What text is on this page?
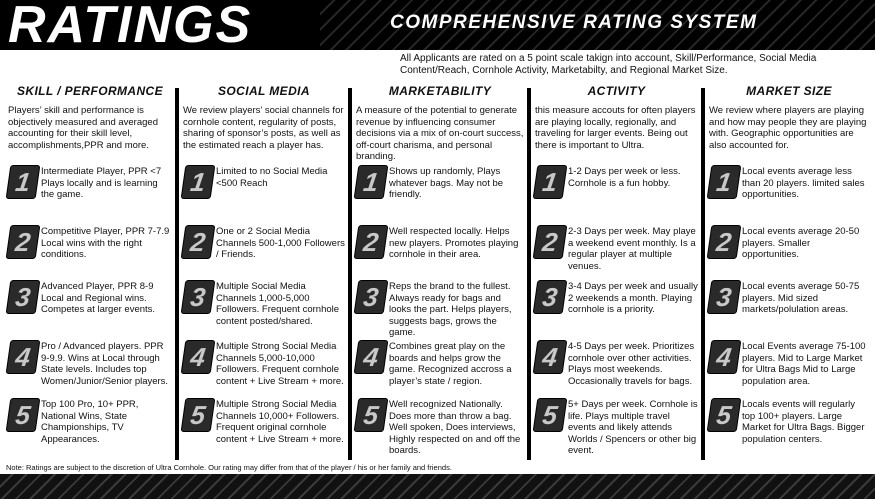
RATINGS	COMPREHENSIVE RATING SYSTEM
All Applicants are rated on a 5 point scale takign into account, Skill/Performance, Social Media Content/Reach, Cornhole Activity, Marketabilty, and Regional Market Size.
SKILL / PERFORMANCE
Players’ skill and performance is objectively measured and averaged accounting for their skill level, accomplishments,PPR and more.
1 Intermediate Player, PPR <7 Plays locally and is learning the game.
2 Competitive Player, PPR 7-7.9 Local wins with the right conditions.
3 Advanced Player, PPR 8-9 Local and Regional wins. Competes at larger events.
4 Pro / Advanced players. PPR 9-9.9. Wins at Local through State levels. Includes top Women/Junior/Senior players.
5 Top 100 Pro, 10+ PPR, National Wins, State Championships, TV Appearances.
SOCIAL MEDIA
We review players’ social channels for cornhole content, regularity of posts, sharing of sponsor’s posts, as well as the estimated reach a player has.
1 Limited to no Social Media <500 Reach
2 One or 2 Social Media Channels 500-1,000 Followers / Friends.
3 Multiple Social Media Channels 1,000-5,000 Followers. Frequent cornhole content posted/shared.
4 Multiple Strong Social Media Channels 5,000-10,000 Followers. Frequent cornhole content + Live Stream + more.
5 Multiple Strong Social Media Channels 10,000+ Followers. Frequent original cornhole content + Live Stream + more.
MARKETABILITY
A measure of the potential to generate revenue by influencing consumer decisions via a mix of on-court success, off-court charisma, and personal branding.
1 Shows up randomly, Plays whatever bags. May not be friendly.
2 Well respected locally. Helps new players. Promotes playing cornhole in their area.
3 Reps the brand to the fullest. Always ready for bags and looks the part. Helps players, suggests bags, grows the game.
4 Combines great play on the boards and helps grow the game. Recognized accross a player’s state / region.
5 Well recognized Nationally. Does more than throw a bag. Well spoken, Does interviews, Highly respected on and off the boards.
ACTIVITY
this measure accouts for often players are playing locally, regionally, and traveling for larger events. Being out there is important to Ultra.
1 1-2 Days per week or less. Cornhole is a fun hobby.
2 2-3 Days per week. May playe a weekend event monthly. Is a regular player at multiple venues.
3 3-4 Days per week and usually 2 weekends a month. Playing cornhole is a priority.
4 4-5 Days per week. Prioritizes cornhole over other activities. Plays most weekends. Occasionally travels for bags.
5 5+ Days per week. Cornhole is life. Plays multiple travel events and likely attends Worlds / Spencers or other big event.
MARKET SIZE
We review where players are playing and how may people they are playing with. Geographic opportunities are also accounted for.
1 Local events average less than 20 players. limited sales opportunities.
2 Local events average 20-50 players. Smaller opportunities.
3 Local events average 50-75 players. Mid sized markets/polulation areas.
4 Local Events average 75-100 players. Mid to Large Market for Ultra Bags Mid to Large population area.
5 Locals events will regularly top 100+ players. Large Market for Ultra Bags. Bigger population centers.
Note: Ratings are subject to the discretion of Ultra Cornhole. Our rating may differ from that of the player / his or her family and friends.
